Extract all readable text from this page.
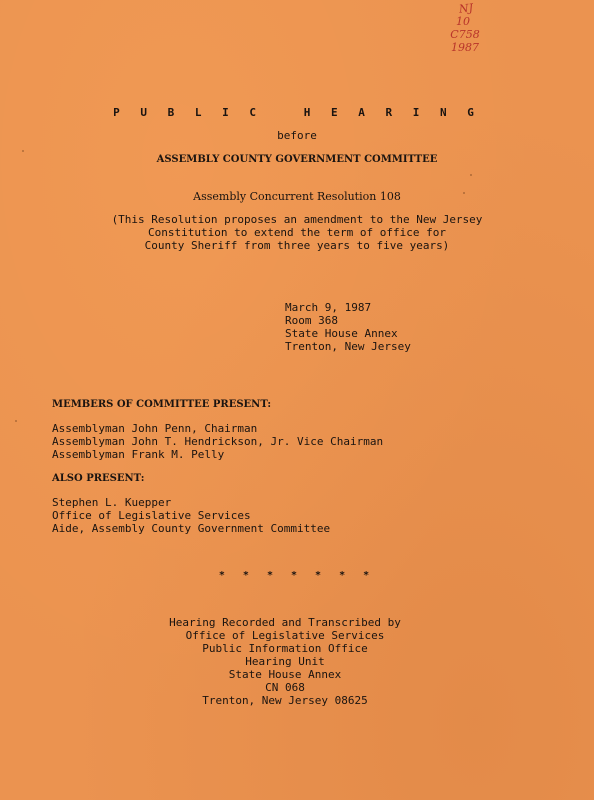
NJ
10
C758
1987
P U B L I C   H E A R I N G
before
ASSEMBLY COUNTY GOVERNMENT COMMITTEE
Assembly Concurrent Resolution 108
(This Resolution proposes an amendment to the New Jersey
Constitution to extend the term of office for
County Sheriff from three years to five years)
March 9, 1987
Room 368
State House Annex
Trenton, New Jersey
MEMBERS OF COMMITTEE PRESENT:
Assemblyman John Penn, Chairman
Assemblyman John T. Hendrickson, Jr. Vice Chairman
Assemblyman Frank M. Pelly
ALSO PRESENT:
Stephen L. Kuepper
Office of Legislative Services
Aide, Assembly County Government Committee
* * * * * * *
Hearing Recorded and Transcribed by
Office of Legislative Services
Public Information Office
Hearing Unit
State House Annex
CN 068
Trenton, New Jersey 08625
